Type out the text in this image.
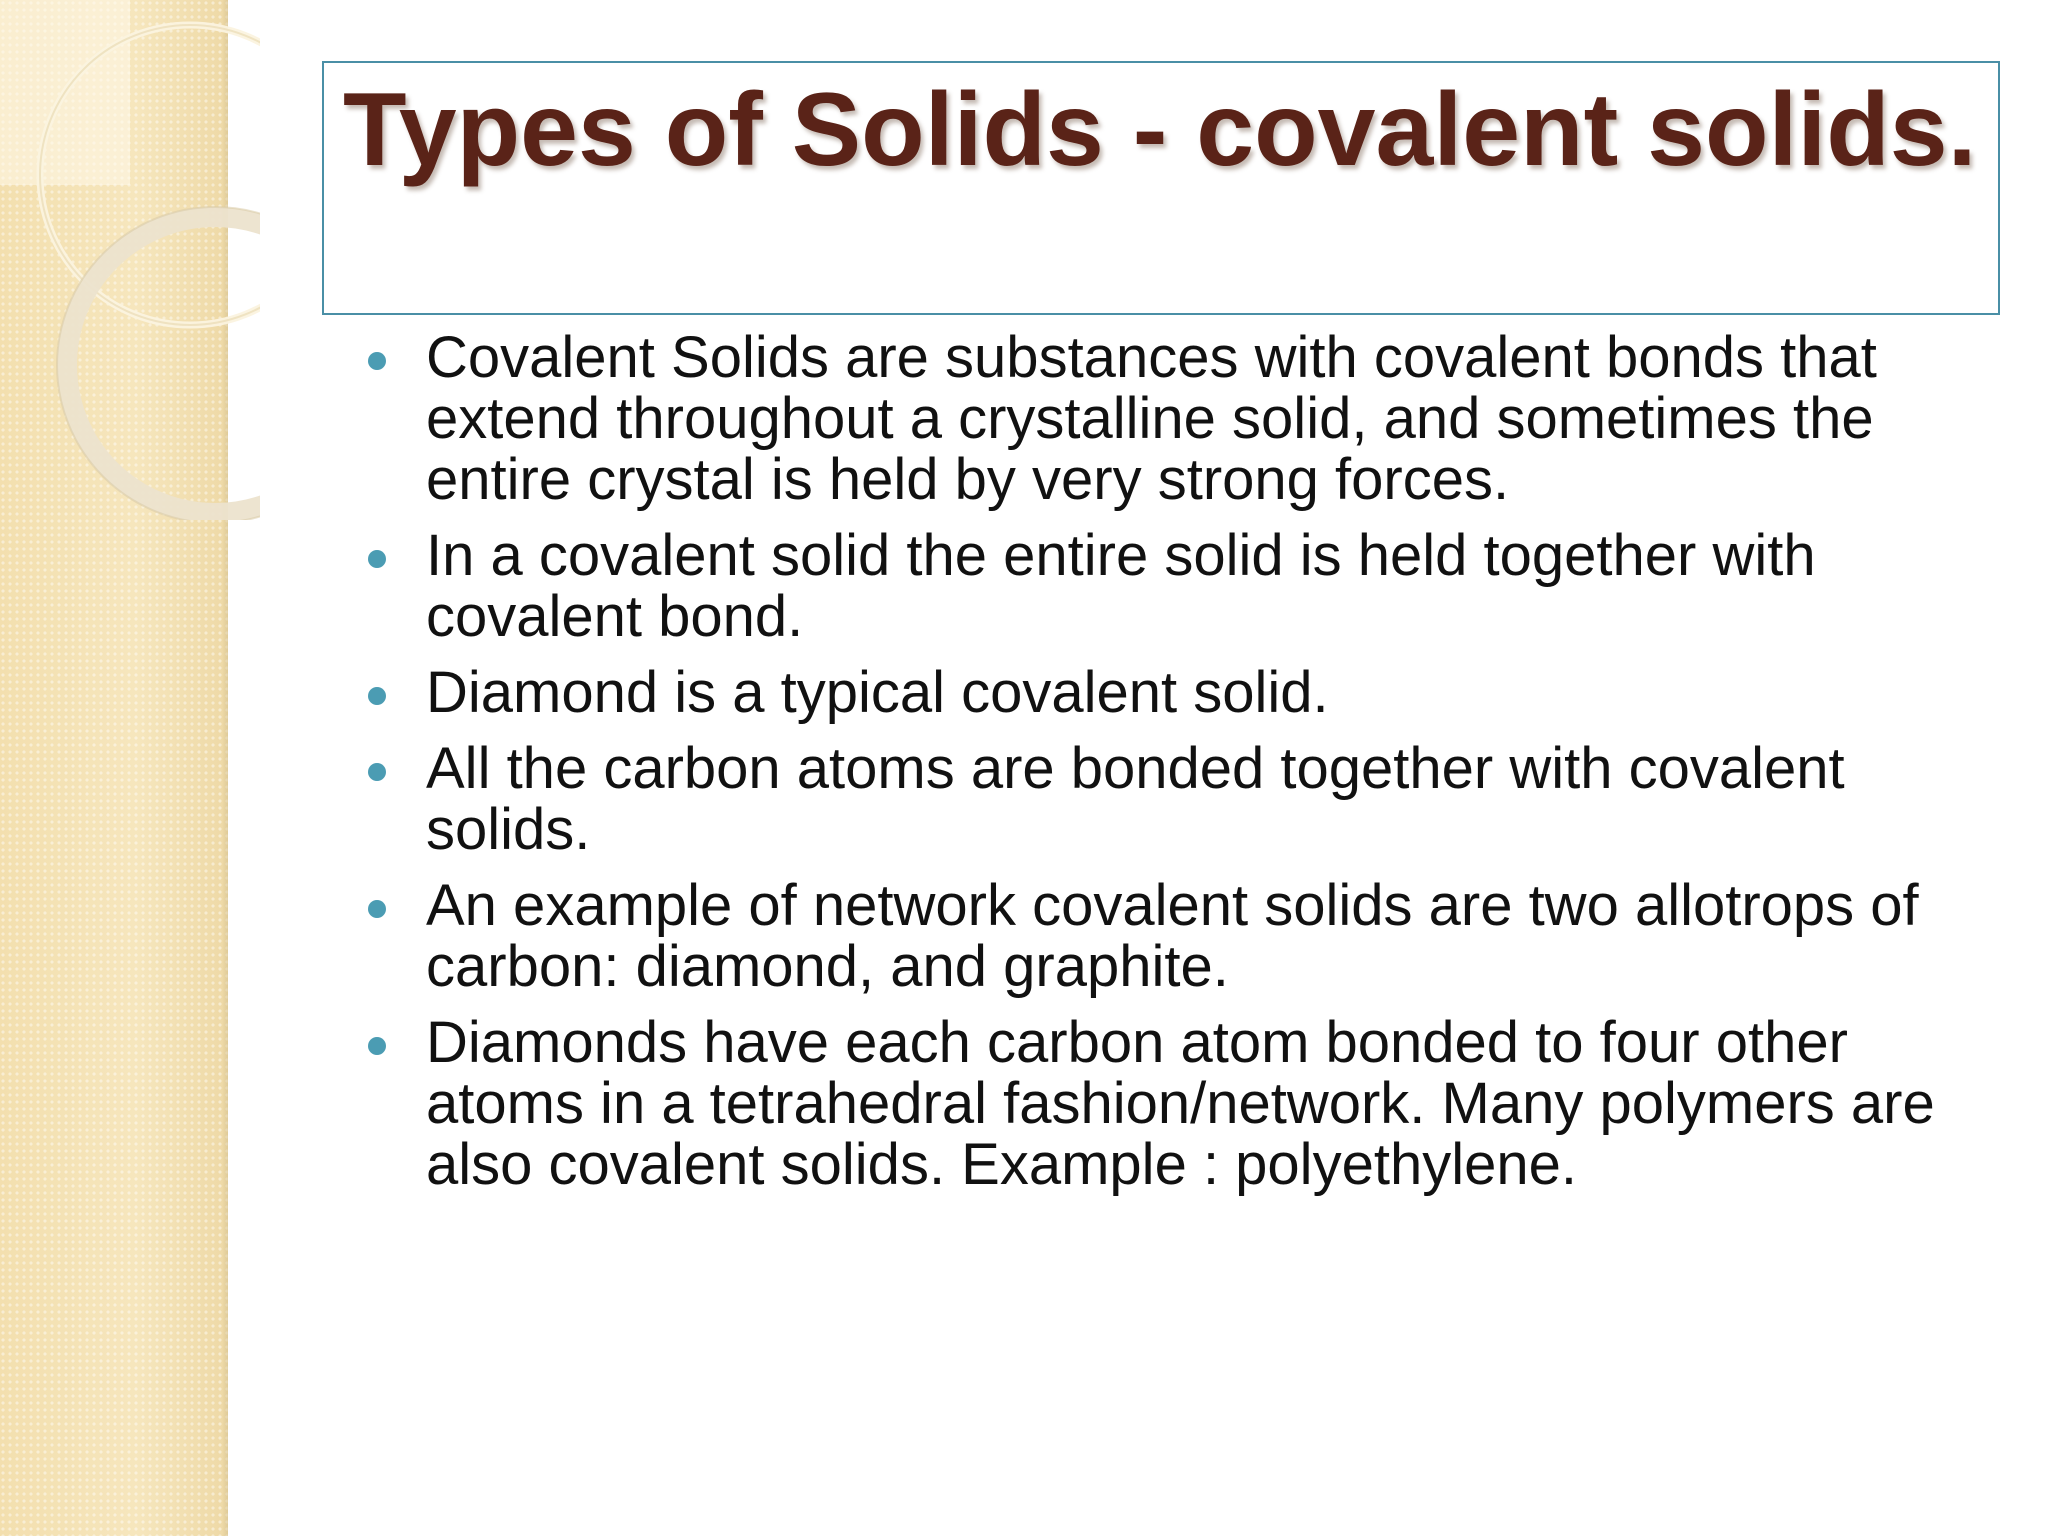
Types of Solids - covalent solids.
Covalent Solids are substances with covalent bonds that extend throughout a crystalline solid, and sometimes the entire crystal is held by very strong forces.
In a covalent solid the entire solid is held together with covalent bond.
Diamond is a typical covalent solid.
All the carbon atoms are bonded together with covalent solids.
An example of network covalent solids are two allotrops of carbon: diamond, and graphite.
Diamonds have each carbon atom bonded to four other atoms in a tetrahedral fashion/network. Many polymers are also covalent solids. Example : polyethylene.
